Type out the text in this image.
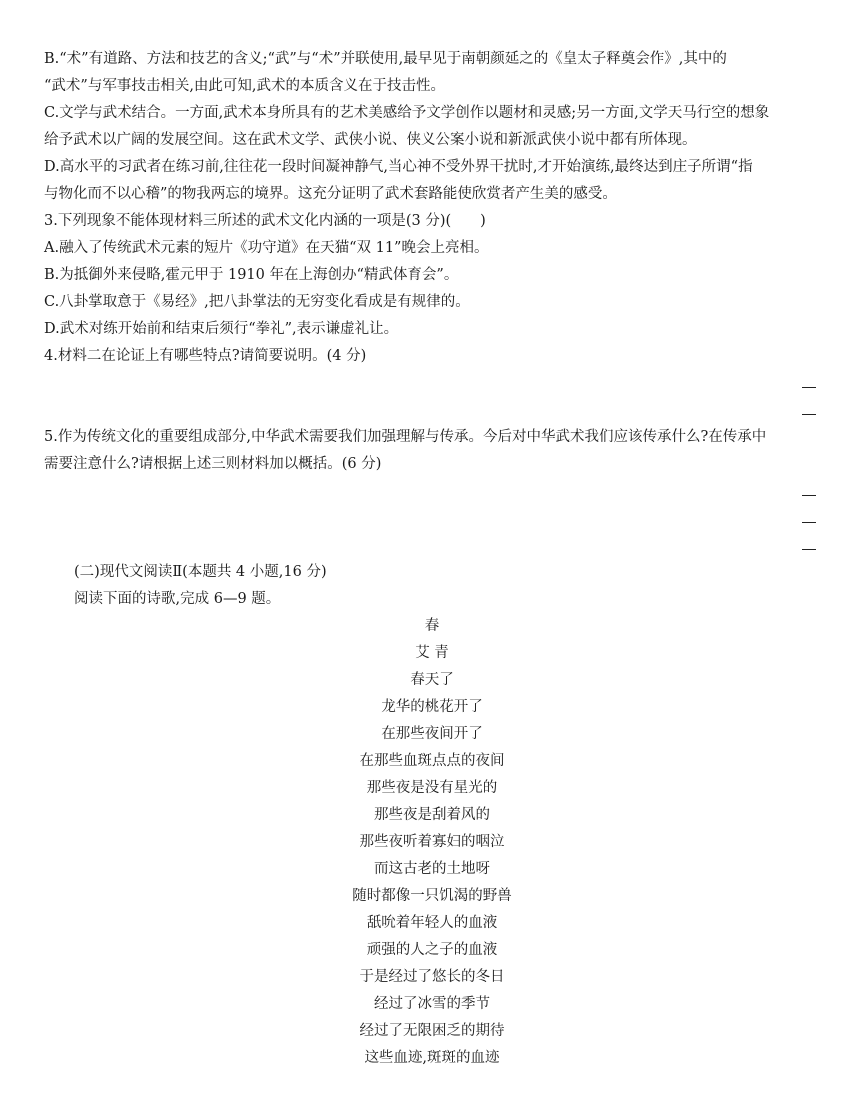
B.“术”有道路、方法和技艺的含义;“武”与“术”并联使用,最早见于南朝颜延之的《皇太子释奠会作》,其中的
“武术”与军事技击相关,由此可知,武术的本质含义在于技击性。
C.文学与武术结合。一方面,武术本身所具有的艺术美感给予文学创作以题材和灵感;另一方面,文学天马行空的想象
给予武术以广阔的发展空间。这在武术文学、武侠小说、侠义公案小说和新派武侠小说中都有所体现。
D.高水平的习武者在练习前,往往花一段时间凝神静气,当心神不受外界干扰时,才开始演练,最终达到庄子所谓“指
与物化而不以心稽”的物我两忘的境界。这充分证明了武术套路能使欣赏者产生美的感受。
3.下列现象不能体现材料三所述的武术文化内涵的一项是(3 分)(　　)
A.融入了传统武术元素的短片《功守道》在天猫“双 11”晚会上亮相。
B.为抵御外来侵略,霍元甲于 1910 年在上海创办“精武体育会”。
C.八卦掌取意于《易经》,把八卦掌法的无穷变化看成是有规律的。
D.武术对练开始前和结束后须行“拳礼”,表示谦虚礼让。
4.材料二在论证上有哪些特点?请简要说明。(4 分)
5.作为传统文化的重要组成部分,中华武术需要我们加强理解与传承。今后对中华武术我们应该传承什么?在传承中
需要注意什么?请根据上述三则材料加以概括。(6 分)
(二)现代文阅读Ⅱ(本题共 4 小题,16 分)
阅读下面的诗歌,完成 6—9 题。
春
艾 青
春天了
龙华的桃花开了
在那些夜间开了
在那些血斑点点的夜间
那些夜是没有星光的
那些夜是刮着风的
那些夜听着寡妇的咽泣
而这古老的土地呀
随时都像一只饥渴的野兽
舐吮着年轻人的血液
顽强的人之子的血液
于是经过了悠长的冬日
经过了冰雪的季节
经过了无限困乏的期待
这些血迹,斑斑的血迹
